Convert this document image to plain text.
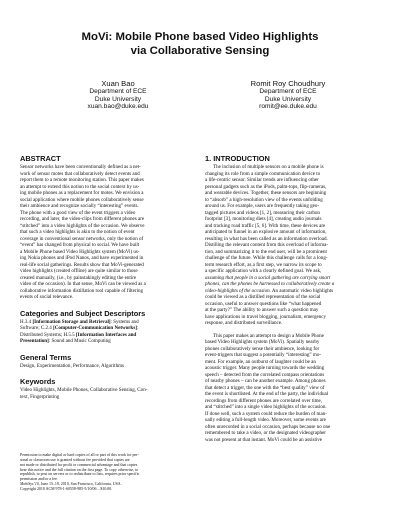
MoVi: Mobile Phone based Video Highlights
via Collaborative Sensing
Xuan Bao
Department of ECE
Duke University
xuan.bao@duke.edu
Romit Roy Choudhury
Department of ECE
Duke University
romit@ee.duke.edu
ABSTRACT
Sensor networks have been conventionally defined as a net-
work of sensor motes that collaboratively detect events and
report them to a remote monitoring station. This paper makes
an attempt to extend this notion to the social context by us-
ing mobile phones as a replacement for motes. We envision a
social application where mobile phones collaboratively sense
their ambience and recognize socially “interesting” events.
The phone with a good view of the event triggers a video
recording, and later, the video-clips from different phones are
“stitched” into a video highlights of the occasion. We observe
that such a video highlights is akin to the notion of event
coverage in conventional sensor networks, only the notion of
“event” has changed from physical to social. We have built
a Mobile Phone based Video Highlights system (MoVi) us-
ing Nokia phones and iPod Nanos, and have experimented in
real-life social gatherings. Results show that MoVi-generated
video highlights (created offline) are quite similar to those
created manually, (i.e., by painstakingly editing the entire
video of the occasion). In that sense, MoVi can be viewed as a
collaborative information distillation tool capable of filtering
events of social relevance.
Categories and Subject Descriptors
H.3.4 [Information Storage and Retrieval]: Systems and
Software; C.2.4 [Computer-Communication Networks]:
Distributed Systems; H.5.5 [Information Interfaces and
Presentation]: Sound and Music Computing
General Terms
Design, Experimentation, Performance, Algorithms
Keywords
Video Highlights, Mobile Phones, Collaborative Sensing, Con-
text, Fingerprinting
Permission to make digital or hard copies of all or part of this work for per-
sonal or classroom use is granted without fee provided that copies are
not made or distributed for profit or commercial advantage and that copies
bear this notice and the full citation on the first page. To copy otherwise, to
republish, to post on servers or to redistribute to lists, requires prior specific
permission and/or a fee.
MobiSys’10, June 15–18, 2010, San Francisco, California, USA.
Copyright 2010 ACM 978-1-60558-985-5/10/06 ...$10.00.
1. INTRODUCTION
The inclusion of multiple sensors on a mobile phone is
changing its role from a simple communication device to
a life-centric sensor. Similar trends are influencing other
personal gadgets such as the iPods, palm-tops, flip-cameras,
and wearable devices. Together, these sensors are beginning
to “absorb” a high-resolution view of the events unfolding
around us. For example, users are frequently taking geo-
tagged pictures and videos [1, 2], measuring their carbon
footprint [3], monitoring diets [4], creating audio journals
and tracking road traffic [5, 6]. With time, these devices are
anticipated to funnel in an explosive amount of information,
resulting in what has been called as an information overload.
Distilling the relevant content from this overload of informa-
tion, and summarizing it to the end user, will be a prominent
challenge of the future. While this challenge calls for a long-
term research effort, as a first step, we narrow its scope to
a specific application with a clearly defined goal. We ask,
assuming that people in a social gathering are carrying smart
phones, can the phones be harnessed to collaboratively create a
video-highlights of the occasion. An automatic video highlights
could be viewed as a distilled representation of the social
occasion, useful to answer questions like “what happened
at the party?” The ability to answer such a question may
have applications in travel blogging, journalism, emergency
response, and distributed surveillance.
This paper makes an attempt to design a Mobile Phone
based Video Highlights system (MoVi). Spatially nearby
phones collaboratively sense their ambience, looking for
event-triggers that suggest a potentially “interesting” mo-
ment. For example, an outburst of laughter could be an
acoustic trigger. Many people turning towards the wedding
speech – detected from the correlated compass orientations
of nearby phones – can be another example. Among phones
that detect a trigger, the one with the “best quality” view of
the event is shortlisted. At the end of the party, the individual
recordings from different phones are correlated over time,
and “stitched” into a single video highlights of the occasion.
If done well, such a system could reduce the burden of man-
ually editing a full-length video. Moreover, some events are
often unrecorded in a social occasion, perhaps because no one
remembered to take a video, or the designated videographer
was not present at that instant. MoVi could be an assistive
